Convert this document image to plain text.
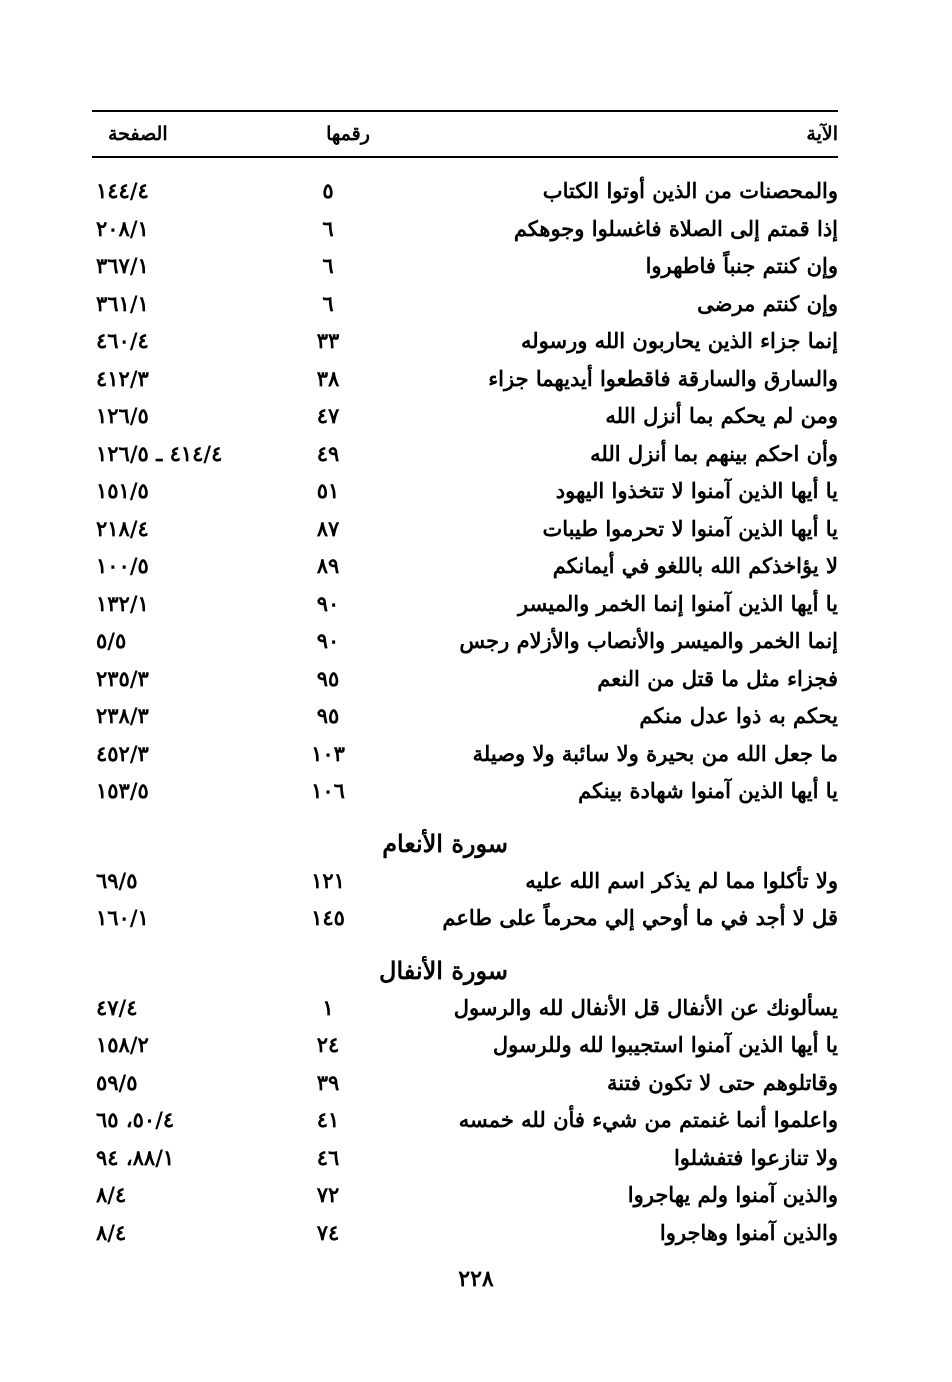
الآية
رقمها
الصفحة
والمحصنات من الذين أوتوا الكتاب
٥
١٤٤/٤
إذا قمتم إلى الصلاة فاغسلوا وجوهكم
٦
٢٠٨/١
وإن كنتم جنباً فاطهروا
٦
٣٦٧/١
وإن كنتم مرضى
٦
٣٦١/١
إنما جزاء الذين يحاربون الله ورسوله
٣٣
٤٦٠/٤
والسارق والسارقة فاقطعوا أيديهما جزاء
٣٨
٤١٢/٣
ومن لم يحكم بما أنزل الله
٤٧
١٢٦/٥
وأن احكم بينهم بما أنزل الله
٤٩
٤١٤/٤ ـ ١٢٦/٥
يا أيها الذين آمنوا لا تتخذوا اليهود
٥١
١٥١/٥
يا أيها الذين آمنوا لا تحرموا طيبات
٨٧
٢١٨/٤
لا يؤاخذكم الله باللغو في أيمانكم
٨٩
١٠٠/٥
يا أيها الذين آمنوا إنما الخمر والميسر
٩٠
١٣٢/١
إنما الخمر والميسر والأنصاب والأزلام رجس
٩٠
٥/٥
فجزاء مثل ما قتل من النعم
٩٥
٢٣٥/٣
يحكم به ذوا عدل منكم
٩٥
٢٣٨/٣
ما جعل الله من بحيرة ولا سائبة ولا وصيلة
١٠٣
٤٥٢/٣
يا أيها الذين آمنوا شهادة بينكم
١٠٦
١٥٣/٥
سورة الأنعام
ولا تأكلوا مما لم يذكر اسم الله عليه
١٢١
٦٩/٥
قل لا أجد في ما أوحي إلي محرماً على طاعم
١٤٥
١٦٠/١
سورة الأنفال
يسألونك عن الأنفال قل الأنفال لله والرسول
١
٤٧/٤
يا أيها الذين آمنوا استجيبوا لله وللرسول
٢٤
١٥٨/٢
وقاتلوهم حتى لا تكون فتنة
٣٩
٥٩/٥
واعلموا أنما غنمتم من شيء فأن لله خمسه
٤١
٥٠/٤، ٦٥
ولا تنازعوا فتفشلوا
٤٦
٨٨/١، ٩٤
والذين آمنوا ولم يهاجروا
٧٢
٨/٤
والذين آمنوا وهاجروا
٧٤
٨/٤
٢٢٨
